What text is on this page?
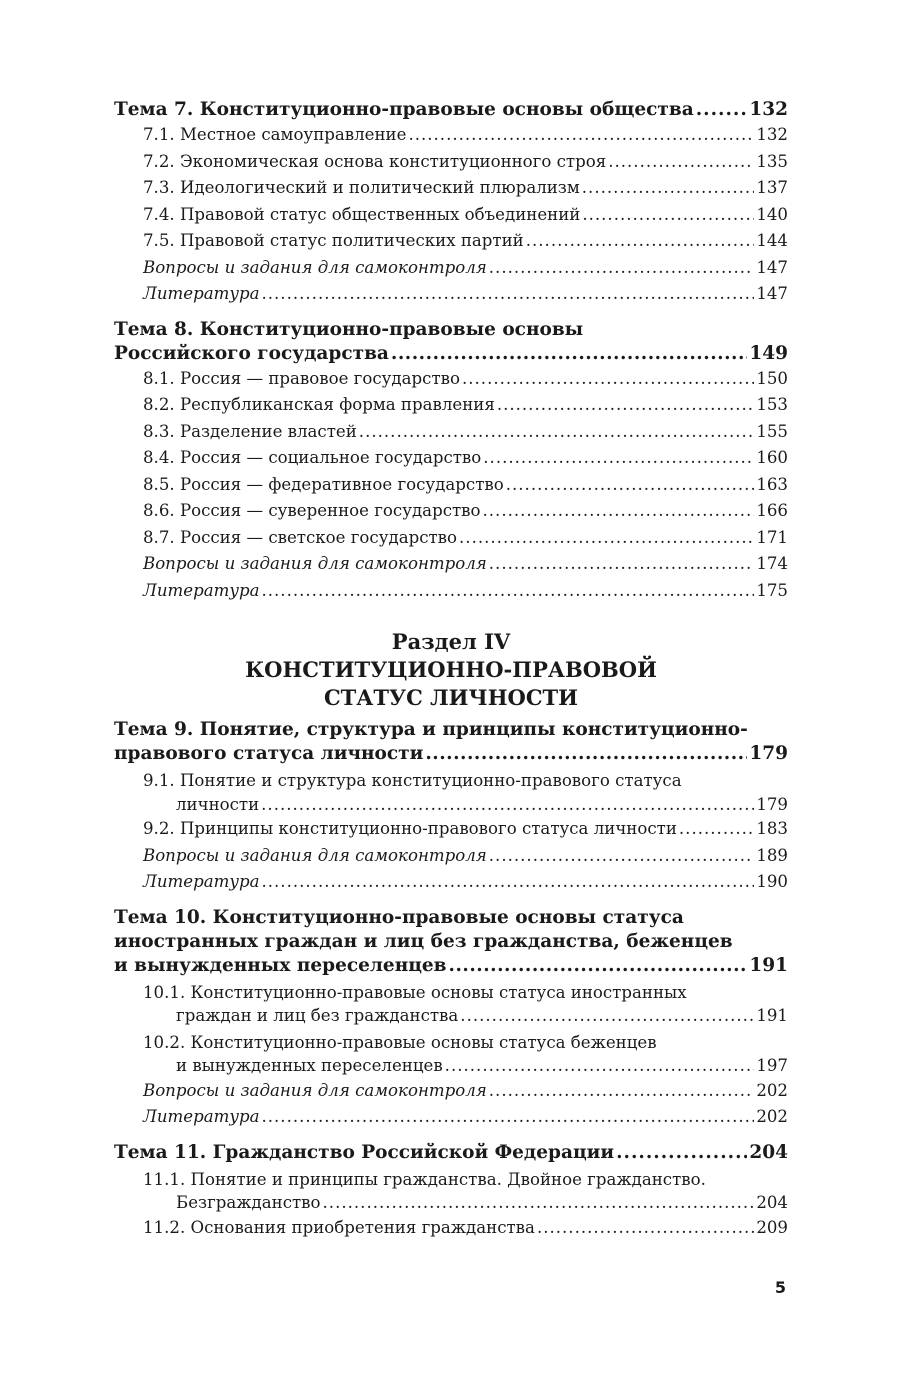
Тема 7. Конституционно-правовые основы общества .....	132
7.1. Местное самоуправление .....	132
7.2. Экономическая основа конституционного строя .....	135
7.3. Идеологический и политический плюрализм .....	137
7.4. Правовой статус общественных объединений .....	140
7.5. Правовой статус политических партий .....	144
Вопросы и задания для самоконтроля .....	147
Литература .....	147
Тема 8. Конституционно-правовые основы
Российского государства .....	149
8.1. Россия — правовое государство .....	150
8.2. Республиканская форма правления .....	153
8.3. Разделение властей .....	155
8.4. Россия — социальное государство .....	160
8.5. Россия — федеративное государство .....	163
8.6. Россия — суверенное государство .....	166
8.7. Россия — светское государство .....	171
Вопросы и задания для самоконтроля .....	174
Литература .....	175
Раздел IV
КОНСТИТУЦИОННО-ПРАВОВОЙ
СТАТУС ЛИЧНОСТИ
Тема 9. Понятие, структура и принципы конституционно-
правового статуса личности .....	179
9.1. Понятие и структура конституционно-правового статуса
личности .....	179
9.2. Принципы конституционно-правового статуса личности .....	183
Вопросы и задания для самоконтроля .....	189
Литература .....	190
Тема 10. Конституционно-правовые основы статуса
иностранных граждан и лиц без гражданства, беженцев
и вынужденных переселенцев .....	191
10.1. Конституционно-правовые основы статуса иностранных
граждан и лиц без гражданства .....	191
10.2. Конституционно-правовые основы статуса беженцев
и вынужденных переселенцев .....	197
Вопросы и задания для самоконтроля .....	202
Литература .....	202
Тема 11. Гражданство Российской Федерации .....	204
11.1. Понятие и принципы гражданства. Двойное гражданство.
Безгражданство .....	204
11.2. Основания приобретения гражданства .....	209
5
